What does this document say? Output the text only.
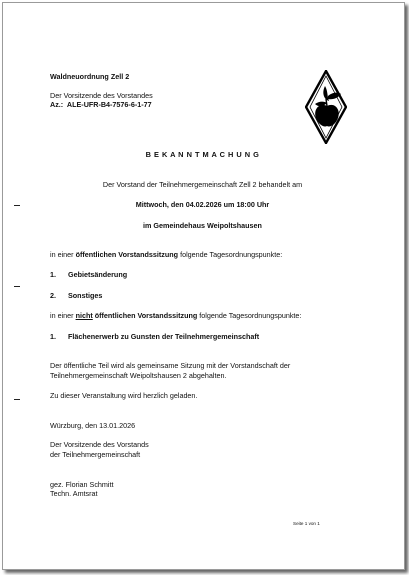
Waldneuordnung Zell 2
Der Vorsitzende des Vorstandes
Az.: ALE-UFR-B4-7576-6-1-77
B E K A N N T M A C H U N G
Der Vorstand der Teilnehmergemeinschaft Zell 2 behandelt am
Mittwoch, den 04.02.2026 um 18:00 Uhr
im Gemeindehaus Weipoltshausen
in einer öffentlichen Vorstandssitzung folgende Tagesordnungspunkte:
1. Gebietsänderung
2. Sonstiges
in einer nicht öffentlichen Vorstandssitzung folgende Tagesordnungspunkte:
1. Flächenerwerb zu Gunsten der Teilnehmergemeinschaft
Der öffentliche Teil wird als gemeinsame Sitzung mit der Vorstandschaft der
Teilnehmergemeinschaft Weipoltshausen 2 abgehalten.
Zu dieser Veranstaltung wird herzlich geladen.
Würzburg, den 13.01.2026
Der Vorsitzende des Vorstands
der Teilnehmergemeinschaft
gez. Florian Schmitt
Techn. Amtsrat
Seite 1 von 1
